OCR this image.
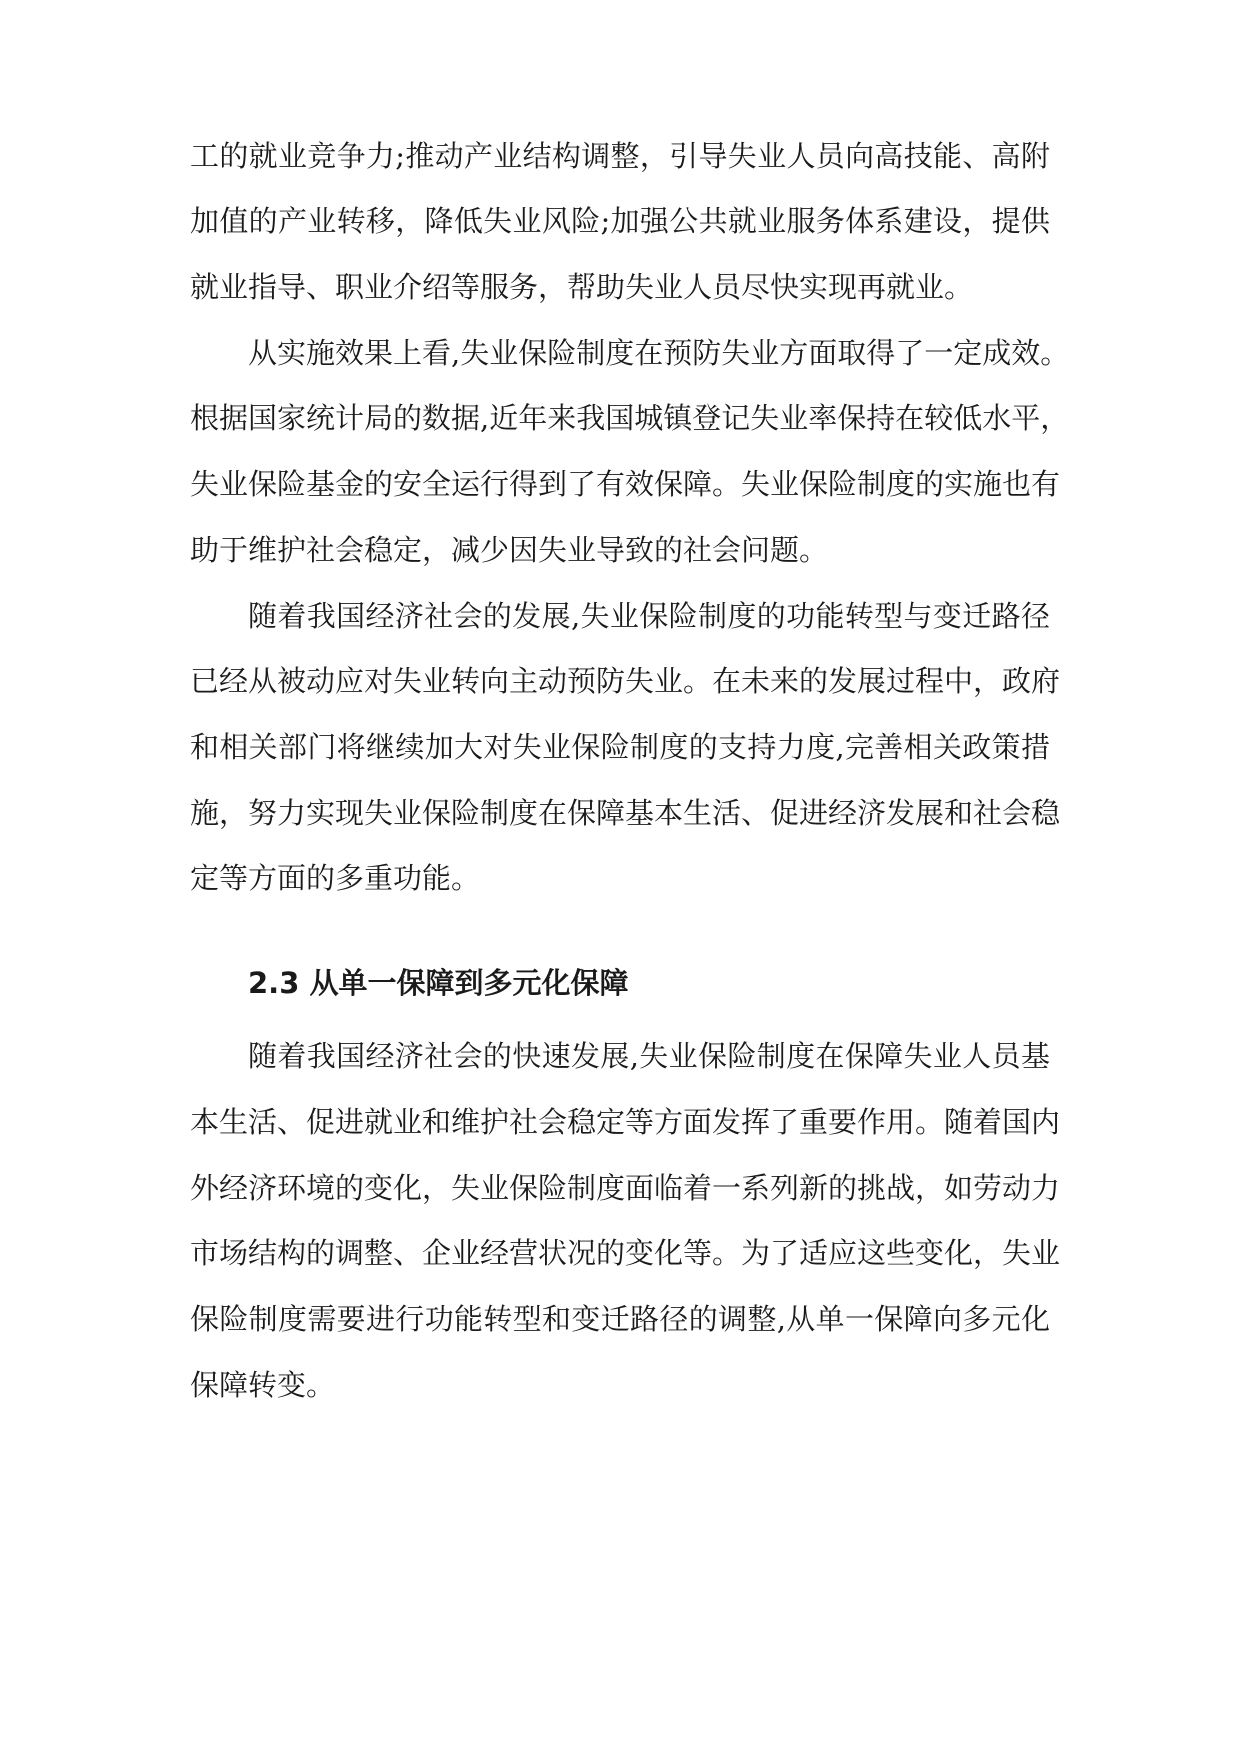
工的就业竞争力;推动产业结构调整，引导失业人员向高技能、高附
加值的产业转移，降低失业风险;加强公共就业服务体系建设，提供
就业指导、职业介绍等服务，帮助失业人员尽快实现再就业。
从实施效果上看,失业保险制度在预防失业方面取得了一定成效。
根据国家统计局的数据,近年来我国城镇登记失业率保持在较低水平，
失业保险基金的安全运行得到了有效保障。失业保险制度的实施也有
助于维护社会稳定，减少因失业导致的社会问题。
随着我国经济社会的发展,失业保险制度的功能转型与变迁路径
已经从被动应对失业转向主动预防失业。在未来的发展过程中，政府
和相关部门将继续加大对失业保险制度的支持力度,完善相关政策措
施，努力实现失业保险制度在保障基本生活、促进经济发展和社会稳
定等方面的多重功能。
2.3 从单一保障到多元化保障
随着我国经济社会的快速发展,失业保险制度在保障失业人员基
本生活、促进就业和维护社会稳定等方面发挥了重要作用。随着国内
外经济环境的变化，失业保险制度面临着一系列新的挑战，如劳动力
市场结构的调整、企业经营状况的变化等。为了适应这些变化，失业
保险制度需要进行功能转型和变迁路径的调整,从单一保障向多元化
保障转变。
